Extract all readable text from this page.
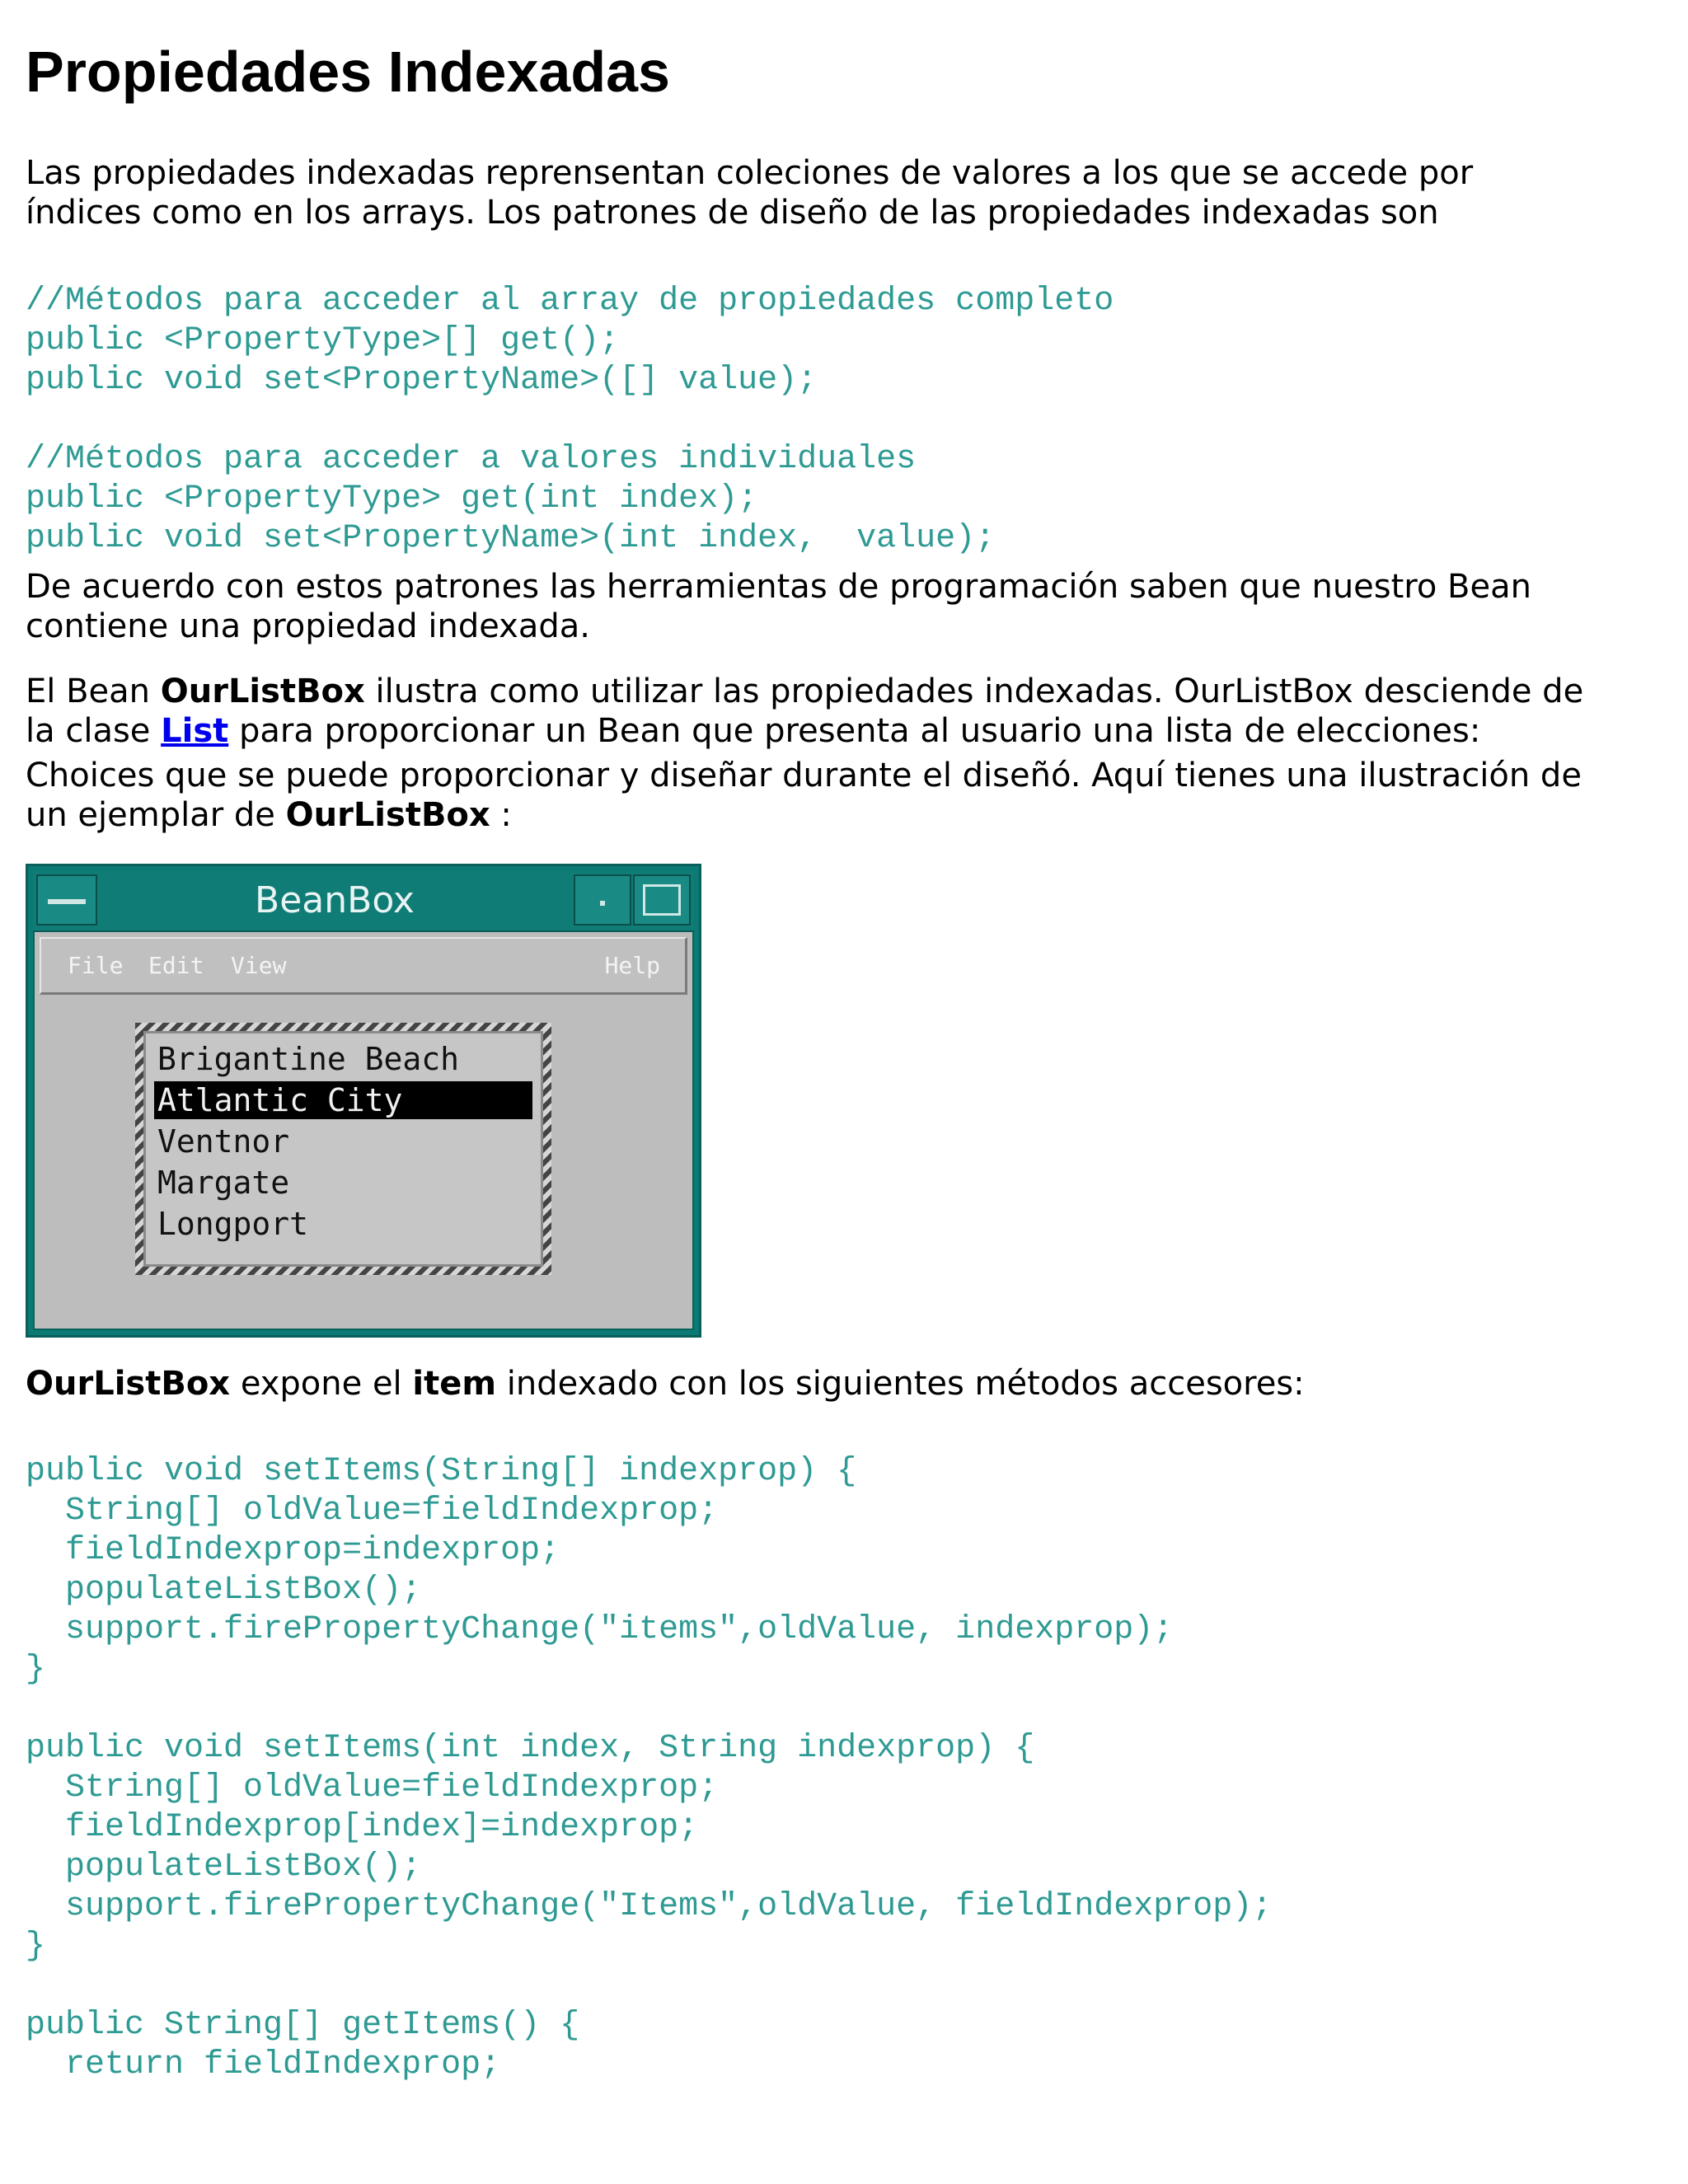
Propiedades Indexadas

Las propiedades indexadas reprensentan coleciones de valores a los que se accede por

índices como en los arrays. Los patrones de diseño de las propiedades indexadas son

//Métodos para acceder al array de propiedades completo
public <PropertyType>[] get();
public void set<PropertyName>([] value);

//Métodos para acceder a valores individuales
public <PropertyType> get(int index);
public void set<PropertyName>(int index,  value);

De acuerdo con estos patrones las herramientas de programación saben que nuestro Bean

contiene una propiedad indexada.

El Bean OurListBox ilustra como utilizar las propiedades indexadas. OurListBox desciende de

la clase List para proporcionar un Bean que presenta al usuario una lista de elecciones:

Choices que se puede proporcionar y diseñar durante el diseñó. Aquí tienes una ilustración de

un ejemplar de OurListBox :

BeanBox
File Edit View	Help
Brigantine Beach
Atlantic City
Ventnor
Margate
Longport

OurListBox expone el item indexado con los siguientes métodos accesores:

public void setItems(String[] indexprop) {
String[] oldValue=fieldIndexprop;
fieldIndexprop=indexprop;
populateListBox();
support.firePropertyChange("items",oldValue, indexprop);
}

public void setItems(int index, String indexprop) {
String[] oldValue=fieldIndexprop;
fieldIndexprop[index]=indexprop;
populateListBox();
support.firePropertyChange("Items",oldValue, fieldIndexprop);
}

public String[] getItems() {
return fieldIndexprop;
